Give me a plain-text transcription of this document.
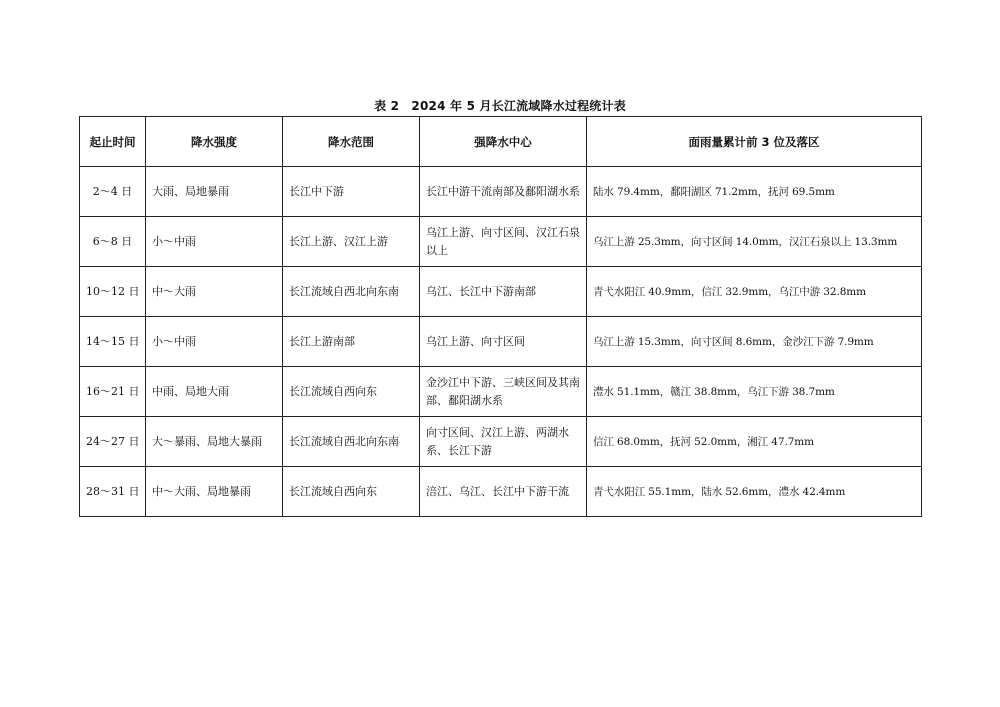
表 2　2024 年 5 月长江流域降水过程统计表
起止时间	降水强度	降水范围	强降水中心	面雨量累计前 3 位及落区
2～4 日	大雨、局地暴雨	长江中下游	长江中游干流南部及鄱阳湖水系	陆水 79.4mm，鄱阳湖区 71.2mm，抚河 69.5mm
6～8 日	小～中雨	长江上游、汉江上游	乌江上游、向寸区间、汉江石泉以上	乌江上游 25.3mm，向寸区间 14.0mm，汉江石泉以上 13.3mm
10～12 日	中～大雨	长江流域自西北向东南	乌江、长江中下游南部	青弋水阳江 40.9mm，信江 32.9mm，乌江中游 32.8mm
14～15 日	小～中雨	长江上游南部	乌江上游、向寸区间	乌江上游 15.3mm，向寸区间 8.6mm，金沙江下游 7.9mm
16～21 日	中雨、局地大雨	长江流域自西向东	金沙江中下游、三峡区间及其南部、鄱阳湖水系	澧水 51.1mm，赣江 38.8mm，乌江下游 38.7mm
24～27 日	大～暴雨、局地大暴雨	长江流域自西北向东南	向寸区间、汉江上游、两湖水系、长江下游	信江 68.0mm，抚河 52.0mm，湘江 47.7mm
28～31 日	中～大雨、局地暴雨	长江流域自西向东	涪江、乌江、长江中下游干流	青弋水阳江 55.1mm，陆水 52.6mm，澧水 42.4mm
